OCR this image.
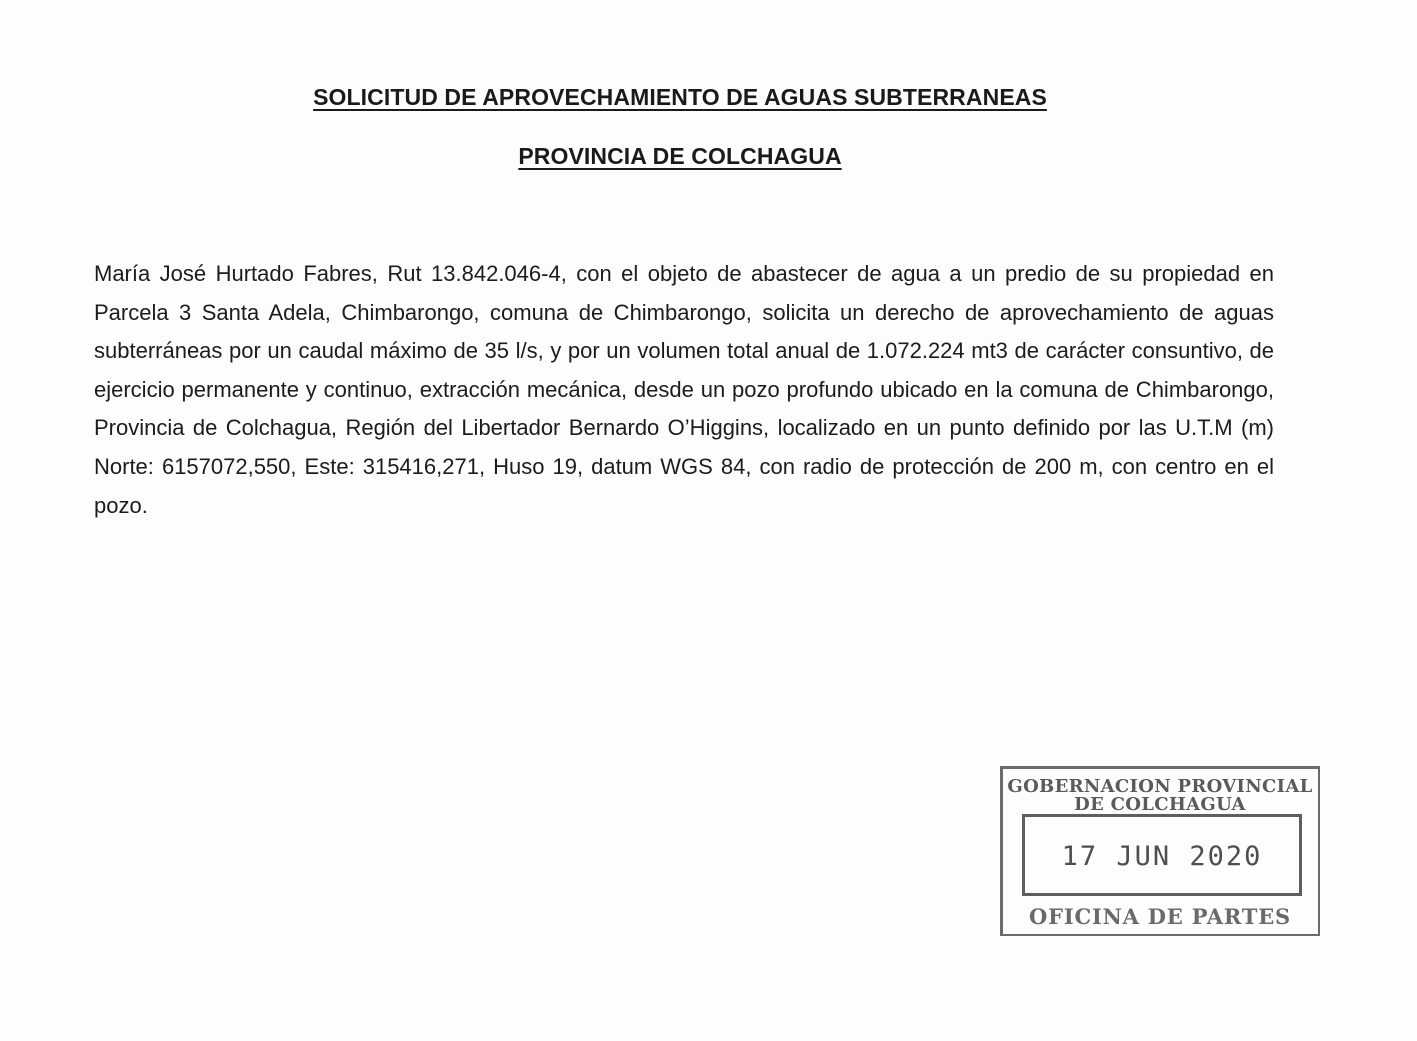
SOLICITUD DE APROVECHAMIENTO DE AGUAS SUBTERRANEAS
PROVINCIA DE COLCHAGUA

María José Hurtado Fabres, Rut 13.842.046-4, con el objeto de abastecer de agua a un predio de su propiedad en Parcela 3 Santa Adela, Chimbarongo, comuna de Chimbarongo, solicita un derecho de aprovechamiento de aguas subterráneas por un caudal máximo de 35 l/s, y por un volumen total anual de 1.072.224 mt3 de carácter consuntivo, de ejercicio permanente y continuo, extracción mecánica, desde un pozo profundo ubicado en la comuna de Chimbarongo, Provincia de Colchagua, Región del Libertador Bernardo O’Higgins, localizado en un punto definido por las U.T.M (m) Norte: 6157072,550, Este: 315416,271, Huso 19, datum WGS 84, con radio de protección de 200 m, con centro en el pozo.

GOBERNACION PROVINCIAL
DE COLCHAGUA
17 JUN 2020
OFICINA DE PARTES
